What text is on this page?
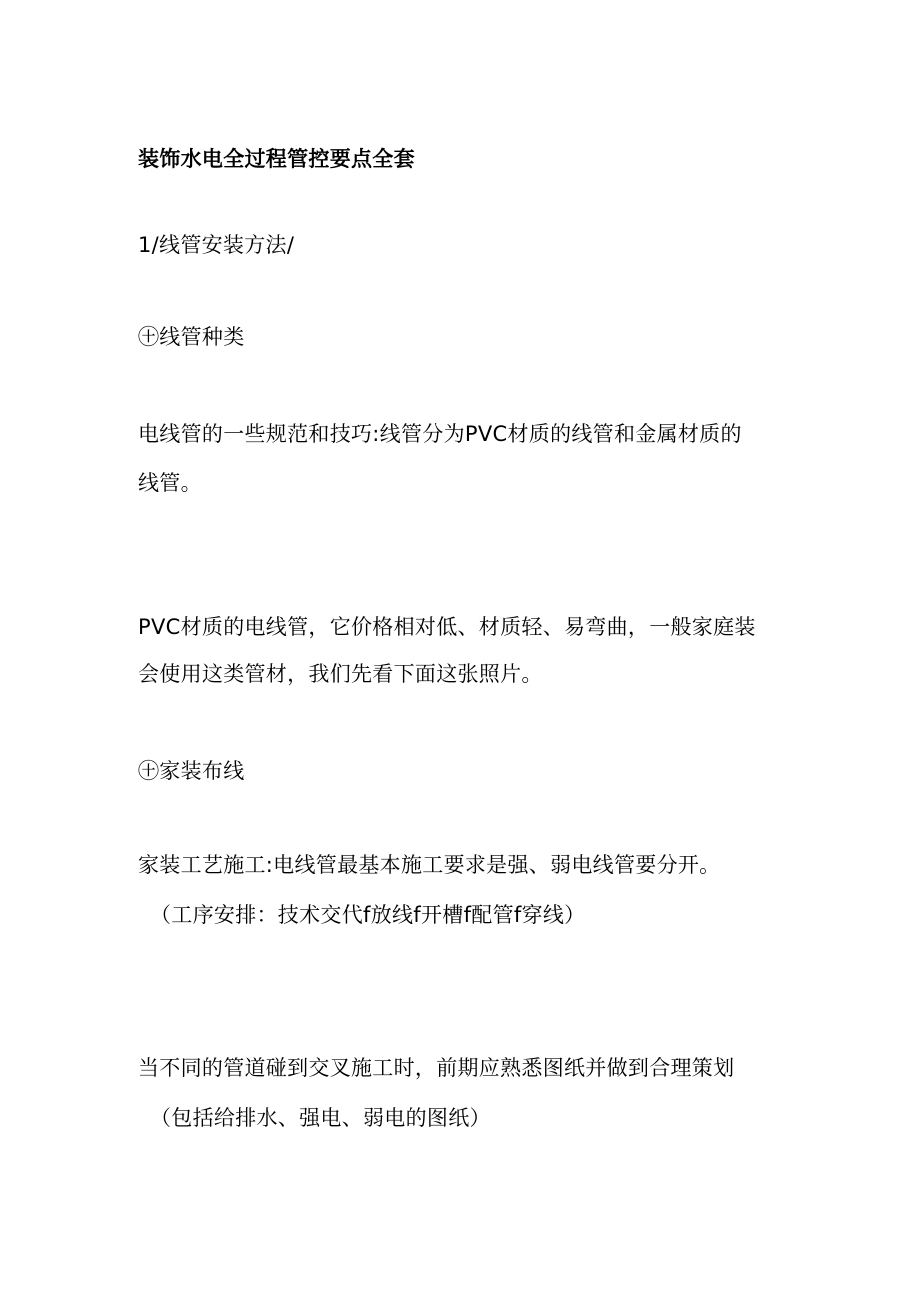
装饰水电全过程管控要点全套
1/线管安装方法/
㊉线管种类
电线管的一些规范和技巧:线管分为PVC材质的线管和金属材质的
线管。
PVC材质的电线管，它价格相对低、材质轻、易弯曲，一般家庭装
会使用这类管材，我们先看下面这张照片。
㊉家装布线
家装工艺施工:电线管最基本施工要求是强、弱电线管要分开。
（工序安排：技术交代f放线f开槽f配管f穿线）
当不同的管道碰到交叉施工时，前期应熟悉图纸并做到合理策划
（包括给排水、强电、弱电的图纸）
